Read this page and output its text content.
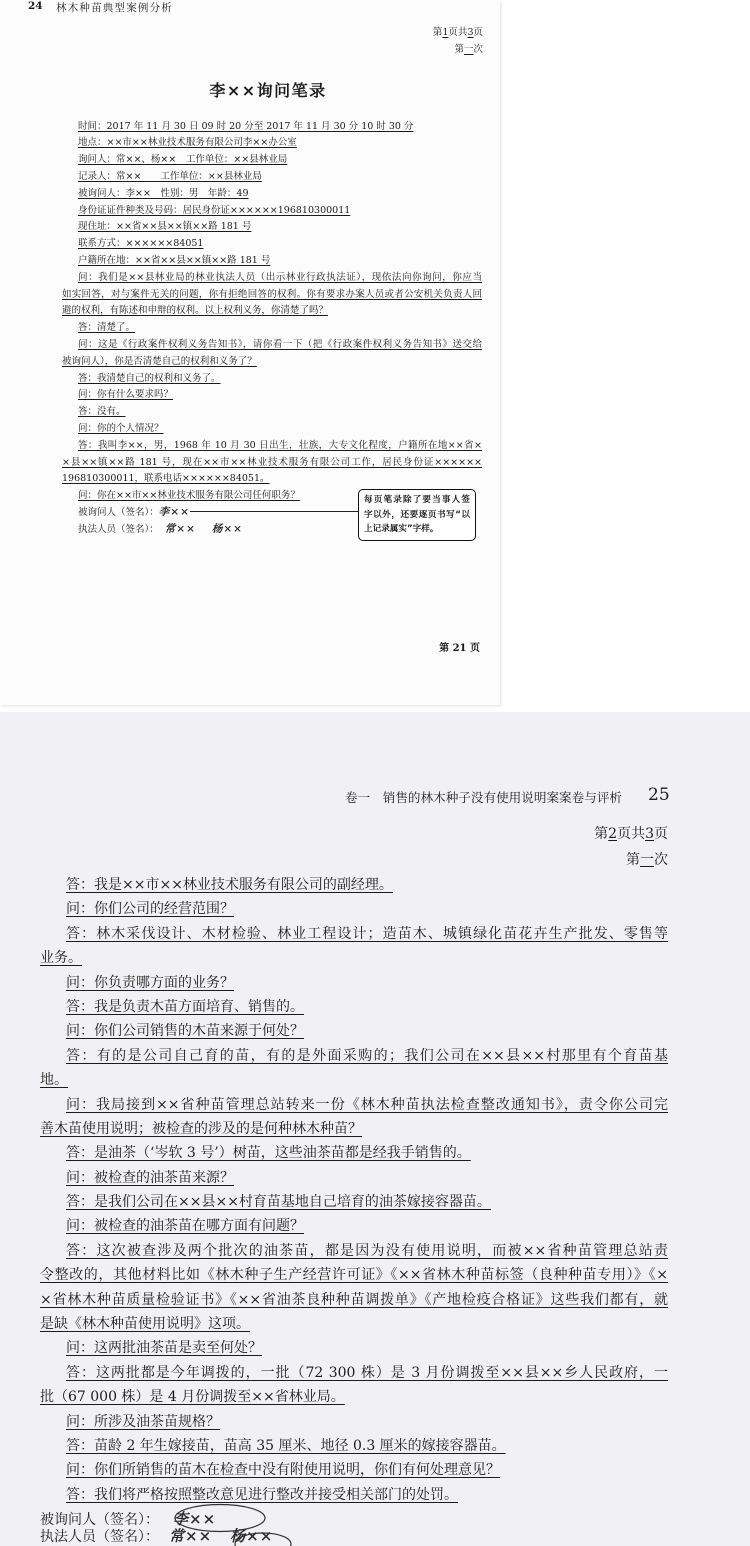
24 林木种苗典型案例分析
第1页共3页
第一次
李××询问笔录
时间：2017 年 11 月 30 日 09 时 20 分至 2017 年 11 月 30 分 10 时 30 分
地点：××市××林业技术服务有限公司李××办公室
询问人：常××、杨××　工作单位：××县林业局
记录人：常××　　工作单位：××县林业局
被询问人：李××　性别：男　年龄：49
身份证证件种类及号码：居民身份证××××××196810300011
现住址：××省××县××镇××路 181 号
联系方式：××××××84051
户籍所在地：××省××县××镇××路 181 号
问：我们是××县林业局的林业执法人员（出示林业行政执法证），现依法向你询问，你应当
如实回答，对与案件无关的问题，你有拒绝回答的权利。你有要求办案人员或者公安机关负责人回
避的权利，有陈述和申辩的权利。以上权利义务，你清楚了吗？
答：清楚了。
问：这是《行政案件权利义务告知书》，请你看一下（把《行政案件权利义务告知书》送交给
被询问人），你是否清楚自己的权利和义务了？
答：我清楚自己的权利和义务了。
问：你有什么要求吗？
答：没有。
问：你的个人情况？
答：我叫李××，男，1968 年 10 月 30 日出生，壮族，大专文化程度，户籍所在地××省×
×县××镇××路 181 号，现在××市××林业技术服务有限公司工作，居民身份证××××××
196810300011，联系电话××××××84051。
问：你在××市××林业技术服务有限公司任何职务？
被询问人（签名）：李××
执法人员（签名）： 常×× 杨××
每页笔录除了要当事人签
字以外，还要逐页书写“以
上记录属实”字样。
第 21 页
卷一　销售的林木种子没有使用说明案案卷与评析 25
第2页共3页
第一次
答：我是××市××林业技术服务有限公司的副经理。
问：你们公司的经营范围？
答：林木采伐设计、木材检验、林业工程设计；造苗木、城镇绿化苗花卉生产批发、零售等
业务。
问：你负责哪方面的业务？
答：我是负责木苗方面培育、销售的。
问：你们公司销售的木苗来源于何处？
答：有的是公司自己育的苗，有的是外面采购的；我们公司在××县××村那里有个育苗基
地。
问：我局接到××省种苗管理总站转来一份《林木种苗执法检查整改通知书》，责令你公司完
善木苗使用说明；被检查的涉及的是何种林木种苗？
答：是油茶（‘岑软 3 号’）树苗，这些油茶苗都是经我手销售的。
问：被检查的油茶苗来源？
答：是我们公司在××县××村育苗基地自己培育的油茶嫁接容器苗。
问：被检查的油茶苗在哪方面有问题？
答：这次被查涉及两个批次的油茶苗，都是因为没有使用说明，而被××省种苗管理总站责
令整改的，其他材料比如《林木种子生产经营许可证》《××省林木种苗标签（良种种苗专用）》《×
×省林木种苗质量检验证书》《××省油茶良种种苗调拨单》《产地检疫合格证》这些我们都有，就
是缺《林木种苗使用说明》这项。
问：这两批油茶苗是卖至何处？
答：这两批都是今年调拨的，一批（72 300 株）是 3 月份调拨至××县××乡人民政府，一
批（67 000 株）是 4 月份调拨至××省林业局。
问：所涉及油茶苗规格？
答：苗龄 2 年生嫁接苗，苗高 35 厘米、地径 0.3 厘米的嫁接容器苗。
问：你们所销售的苗木在检查中没有附使用说明，你们有何处理意见？
答：我们将严格按照整改意见进行整改并接受相关部门的处罚。
被询问人（签名）： 李××
执法人员（签名）： 常×× 杨××
